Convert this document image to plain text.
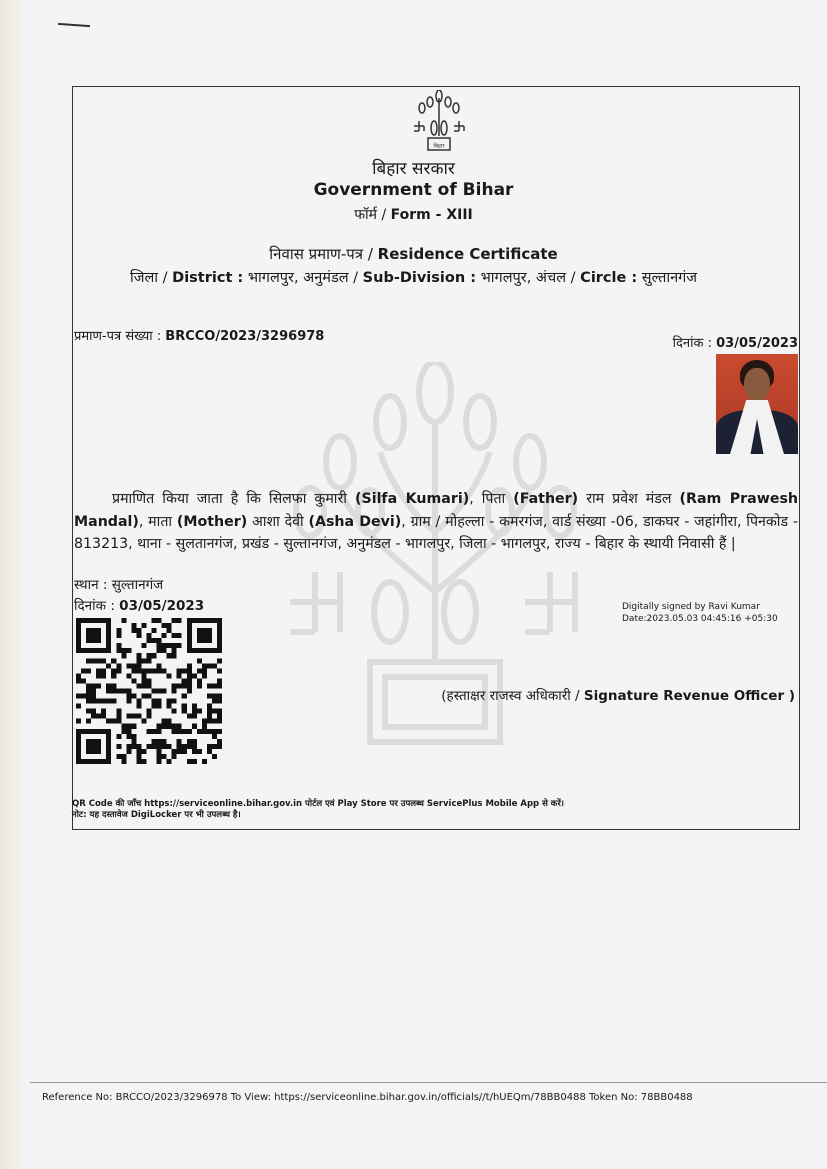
बिहार
बिहार सरकार
Government of Bihar
फॉर्म / Form - XIII
निवास प्रमाण-पत्र / Residence Certificate
जिला / District : भागलपुर, अनुमंडल / Sub-Division : भागलपुर, अंचल / Circle : सुल्तानगंज
प्रमाण-पत्र संख्या : BRCCO/2023/3296978	दिनांक : 03/05/2023
प्रमाणित किया जाता है कि सिलफा कुमारी (Silfa Kumari), पिता (Father) राम प्रवेश मंडल (Ram Prawesh Mandal), माता (Mother) आशा देवी (Asha Devi), ग्राम / मोहल्ला - कमरगंज, वार्ड संख्या -06, डाकघर - जहांगीरा, पिनकोड - 813213, थाना - सुलतानगंज, प्रखंड - सुल्तानगंज, अनुमंडल - भागलपुर, जिला - भागलपुर, राज्य - बिहार के स्थायी निवासी हैं |
स्थान : सुल्तानगंज
दिनांक : 03/05/2023	Digitally signed by Ravi Kumar
Date:2023.05.03 04:45:16 +05:30
(हस्ताक्षर राजस्व अधिकारी / Signature Revenue Officer )
QR Code की जाँच https://serviceonline.bihar.gov.in पोर्टल एवं Play Store पर उपलब्ध ServicePlus Mobile App से करें।
नोट: यह दस्तावेज DigiLocker पर भी उपलब्ध है।
Reference No: BRCCO/2023/3296978 To View: https://serviceonline.bihar.gov.in/officials//t/hUEQm/78BB0488 Token No: 78BB0488
